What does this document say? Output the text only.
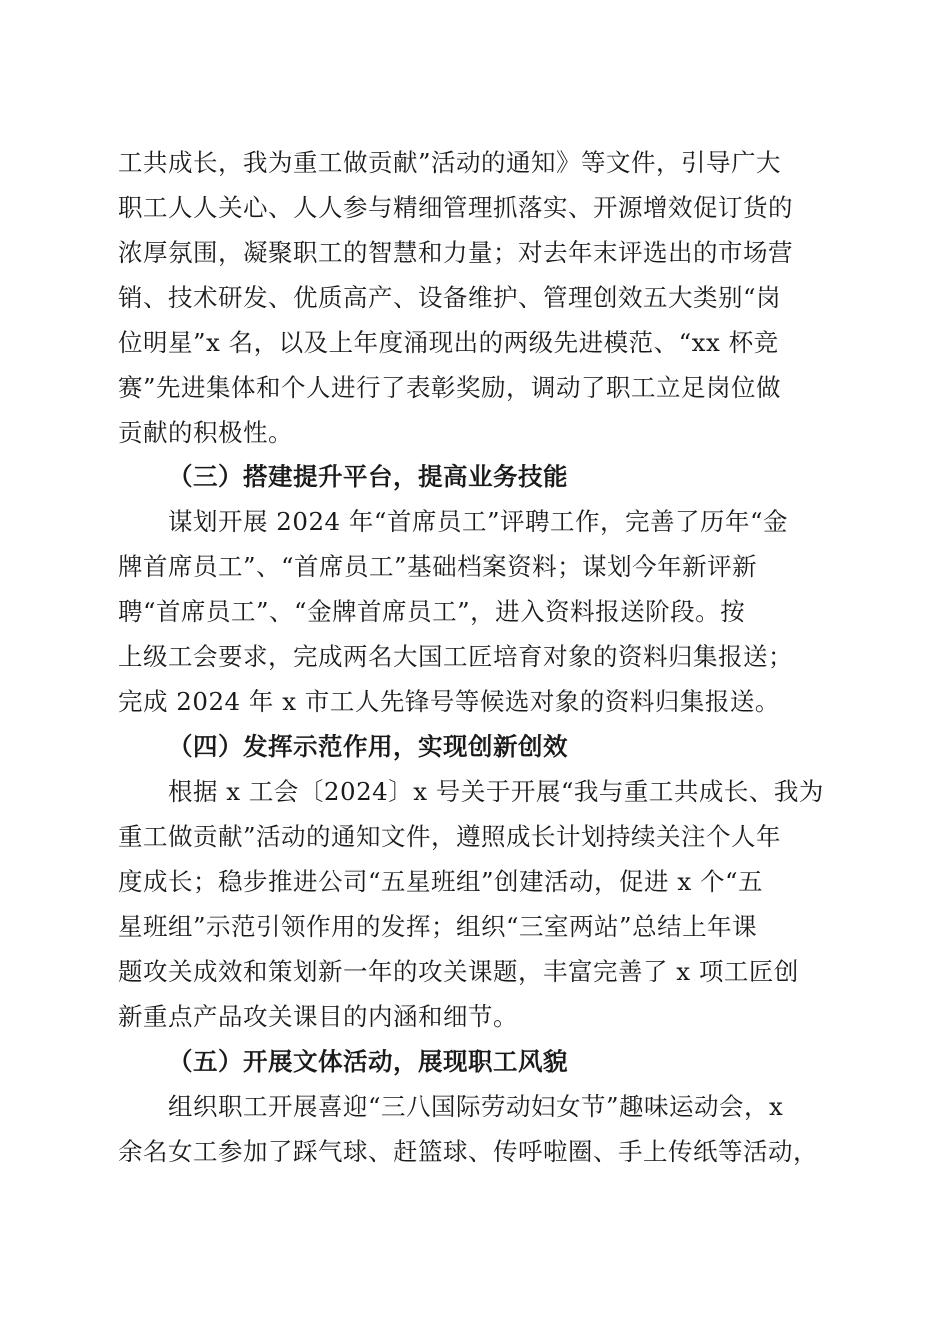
工共成长，我为重工做贡献”活动的通知》等文件，引导广大
职工人人关心、人人参与精细管理抓落实、开源增效促订货的
浓厚氛围，凝聚职工的智慧和力量；对去年末评选出的市场营
销、技术研发、优质高产、设备维护、管理创效五大类别“岗
位明星”x 名，以及上年度涌现出的两级先进模范、“xx 杯竞
赛”先进集体和个人进行了表彰奖励，调动了职工立足岗位做
贡献的积极性。
（三）搭建提升平台，提高业务技能
谋划开展 2024 年“首席员工”评聘工作，完善了历年“金
牌首席员工”、“首席员工”基础档案资料；谋划今年新评新
聘“首席员工”、“金牌首席员工”，进入资料报送阶段。按
上级工会要求，完成两名大国工匠培育对象的资料归集报送；
完成 2024 年 x 市工人先锋号等候选对象的资料归集报送。
（四）发挥示范作用，实现创新创效
根据 x 工会〔2024〕x 号关于开展“我与重工共成长、我为
重工做贡献”活动的通知文件，遵照成长计划持续关注个人年
度成长；稳步推进公司“五星班组”创建活动，促进 x 个“五
星班组”示范引领作用的发挥；组织“三室两站”总结上年课
题攻关成效和策划新一年的攻关课题，丰富完善了 x 项工匠创
新重点产品攻关课目的内涵和细节。
（五）开展文体活动，展现职工风貌
组织职工开展喜迎“三八国际劳动妇女节”趣味运动会，x
余名女工参加了踩气球、赶篮球、传呼啦圈、手上传纸等活动，
